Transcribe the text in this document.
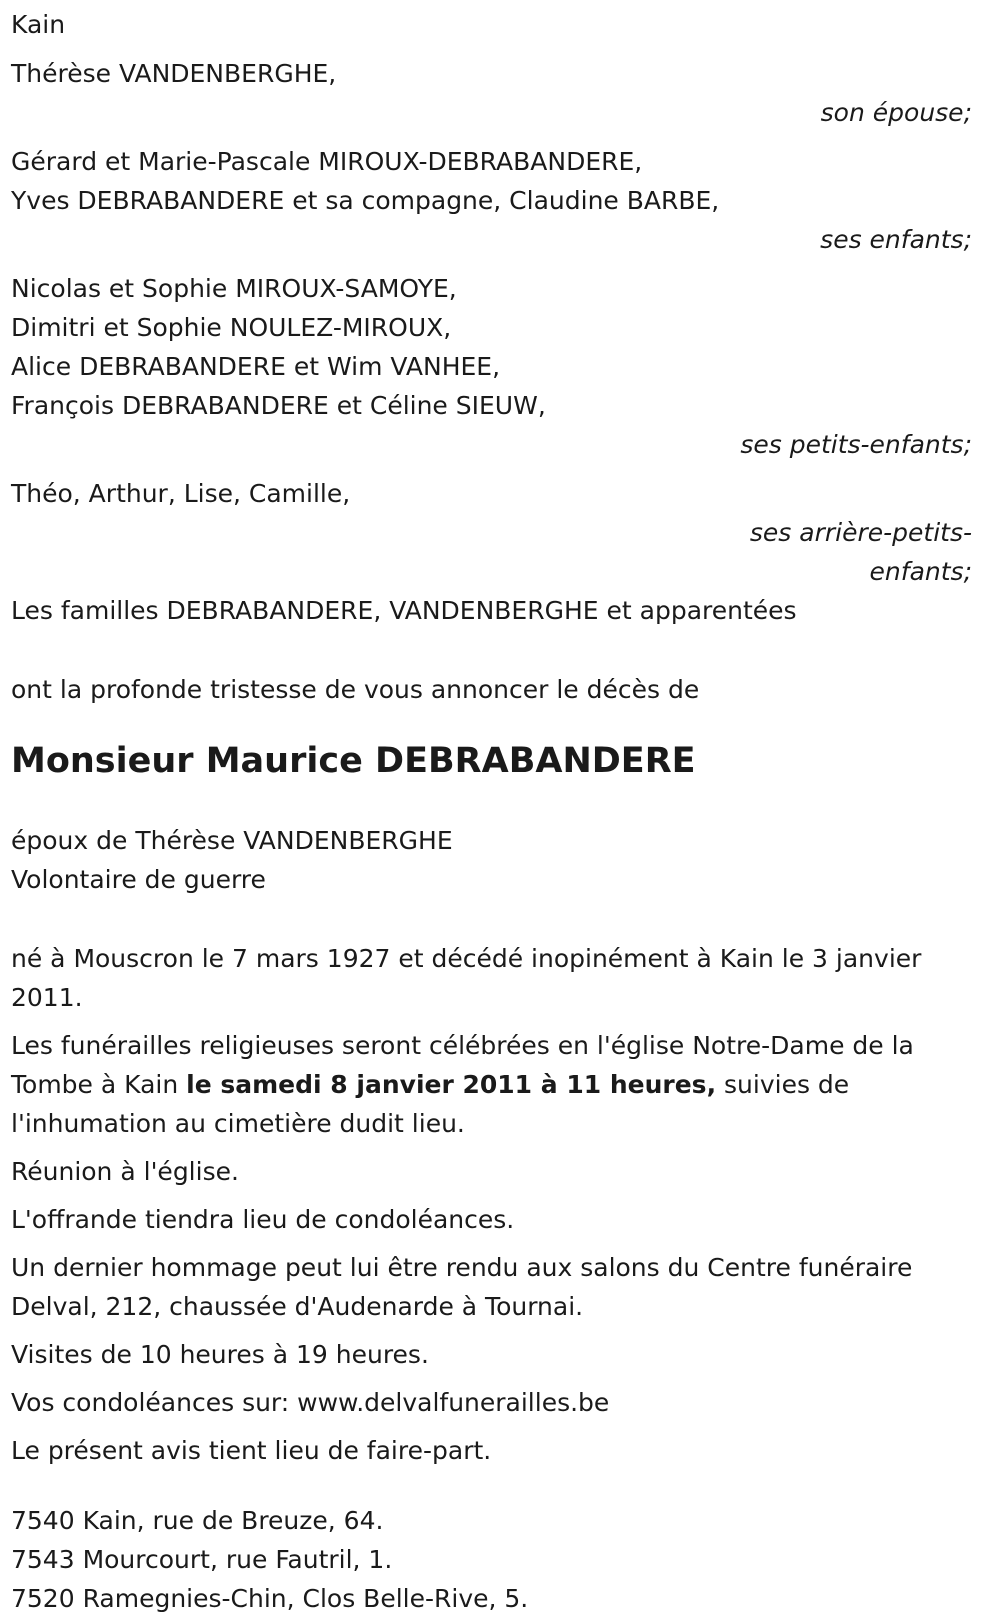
Kain
Thérèse VANDENBERGHE,
son épouse;
Gérard et Marie-Pascale MIROUX-DEBRABANDERE,
Yves DEBRABANDERE et sa compagne, Claudine BARBE,
ses enfants;
Nicolas et Sophie MIROUX-SAMOYE,
Dimitri et Sophie NOULEZ-MIROUX,
Alice DEBRABANDERE et Wim VANHEE,
François DEBRABANDERE et Céline SIEUW,
ses petits-enfants;
Théo, Arthur, Lise, Camille,
ses arrière-petits-enfants;
Les familles DEBRABANDERE, VANDENBERGHE et apparentées
ont la profonde tristesse de vous annoncer le décès de
Monsieur Maurice DEBRABANDERE
époux de Thérèse VANDENBERGHE
Volontaire de guerre
né à Mouscron le 7 mars 1927 et décédé inopinément à Kain le 3 janvier 2011.
Les funérailles religieuses seront célébrées en l'église Notre-Dame de la Tombe à Kain le samedi 8 janvier 2011 à 11 heures, suivies de l'inhumation au cimetière dudit lieu.
Réunion à l'église.
L'offrande tiendra lieu de condoléances.
Un dernier hommage peut lui être rendu aux salons du Centre funéraire Delval, 212, chaussée d'Audenarde à Tournai.
Visites de 10 heures à 19 heures.
Vos condoléances sur: www.delvalfunerailles.be
Le présent avis tient lieu de faire-part.
7540 Kain, rue de Breuze, 64.
7543 Mourcourt, rue Fautril, 1.
7520 Ramegnies-Chin, Clos Belle-Rive, 5.
